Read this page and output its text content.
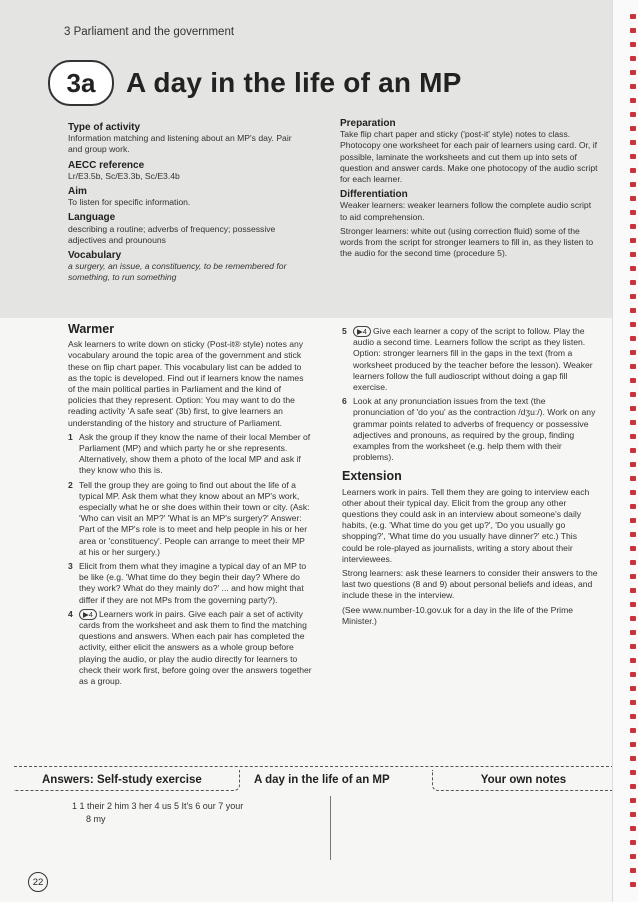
3 Parliament and the government
3a	A day in the life of an MP
Type of activity

Information matching and listening about an MP's day. Pair and group work.

AECC reference

Lr/E3.5b, Sc/E3.3b, Sc/E3.4b

Aim

To listen for specific information.

Language

describing a routine; adverbs of frequency; possessive adjectives and prounouns

Vocabulary

a surgery, an issue, a constituency, to be remembered for something, to run something

Preparation

Take flip chart paper and sticky ('post-it' style) notes to class. Photocopy one worksheet for each pair of learners using card. Or, if possible, laminate the worksheets and cut them up into sets of question and answer cards. Make one photocopy of the audio script for each learner.

Differentiation

Weaker learners: weaker learners follow the complete audio script to aid comprehension.

Stronger learners: white out (using correction fluid) some of the words from the script for stronger learners to fill in, as they listen to the audio for the second time (procedure 5).

Warmer

Ask learners to write down on sticky (Post-it® style) notes any vocabulary around the topic area of the government and stick these on flip chart paper. This vocabulary list can be added to as the topic is developed. Find out if learners know the names of the main political parties in Parliament and the kind of policies that they represent. Option: You may want to do the reading activity 'A safe seat' (3b) first, to give learners an understanding of the history and structure of Parliament.

1 Ask the group if they know the name of their local Member of Parliament (MP) and which party he or she represents. Alternatively, show them a photo of the local MP and ask if they know who this is.
2 Tell the group they are going to find out about the life of a typical MP. Ask them what they know about an MP's work, especially what he or she does within their town or city. (Ask: 'Who can visit an MP?' 'What is an MP's surgery?' Answer: Part of the MP's role is to meet and help people in his or her area or 'constituency'. People can arrange to meet their MP at his or her surgery.)
3 Elicit from them what they imagine a typical day of an MP to be like (e.g. 'What time do they begin their day? Where do they work? What do they mainly do?' ... and how might that differ if they are not MPs from the governing party?).
4	▶4 Learners work in pairs. Give each pair a set of activity cards from the worksheet and ask them to find the matching questions and answers. When each pair has completed the activity, either elicit the answers as a whole group before playing the audio, or play the audio directly for learners to check their work first, before going over the answers together as a group.
5	▶4 Give each learner a copy of the script to follow. Play the audio a second time. Learners follow the script as they listen. Option: stronger learners fill in the gaps in the text (from a worksheet produced by the teacher before the lesson). Weaker learners follow the full audioscript without doing a gap fill exercise.
6 Look at any pronunciation issues from the text (the pronunciation of 'do you' as the contraction /dʒuː/). Work on any grammar points related to adverbs of frequency or possessive adjectives and pronouns, as required by the group, finding examples from the worksheet (e.g. help them with their problems).
Extension

Learners work in pairs. Tell them they are going to interview each other about their typical day. Elicit from the group any other questions they could ask in an interview about someone's daily habits, (e.g. 'What time do you get up?', 'Do you usually go shopping?', 'What time do you usually have dinner?' etc.) This could be role-played as journalists, writing a story about their interviewees.

Strong learners: ask these learners to consider their answers to the last two questions (8 and 9) about personal beliefs and ideas, and include these in the interview.

(See www.number-10.gov.uk for a day in the life of the Prime Minister.)

Answers: Self-study exercise	A day in the life of an MP	Your own notes
1 1 their 2 him 3 her 4 us 5 It's 6 our 7 your
8 my
22
